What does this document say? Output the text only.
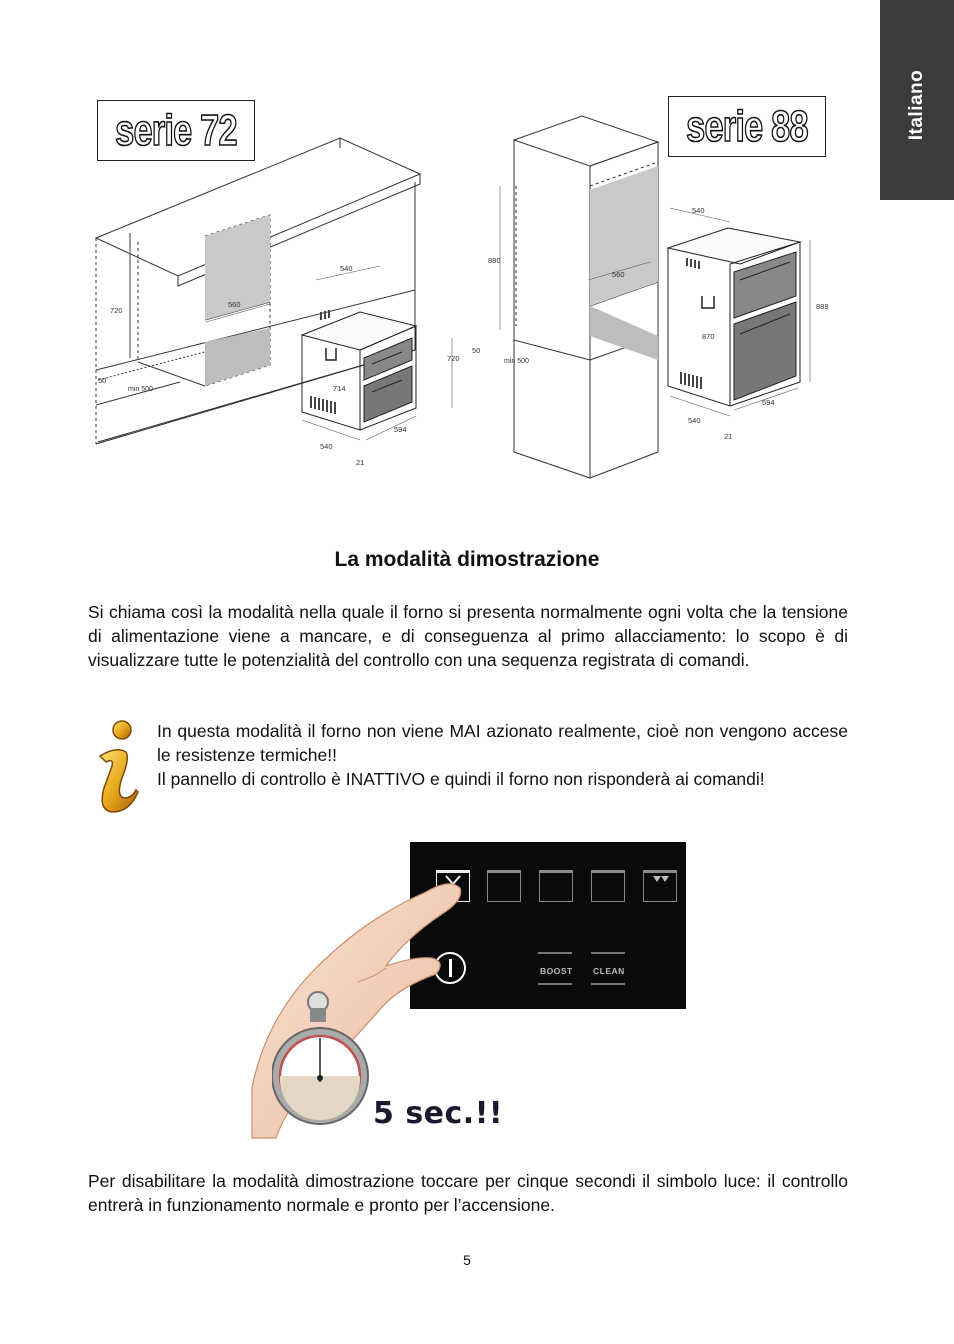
Italiano
serie 72	serie 88
720
560
540
50
min 500	714
720
594
540
21
880
560
50
min 500
540
888
870
594
540
21
La modalità dimostrazione

Si chiama così la modalità nella quale il forno si presenta normalmente ogni volta che la tensione di alimentazione viene a mancare, e di conseguenza al primo allacciamento: lo scopo è di visualizzare tutte le potenzialità del controllo con una sequenza registrata di comandi.

In questa modalità il forno non viene MAI azionato realmente, cioè non vengono accese le resistenze termiche!!
Il pannello di controllo è INATTIVO e quindi il forno non risponderà ai comandi!
BOOST CLEAN
5 sec.!!

Per disabilitare la modalità dimostrazione toccare per cinque secondi il simbolo luce: il controllo entrerà in funzionamento normale e pronto per l’accensione.

5
